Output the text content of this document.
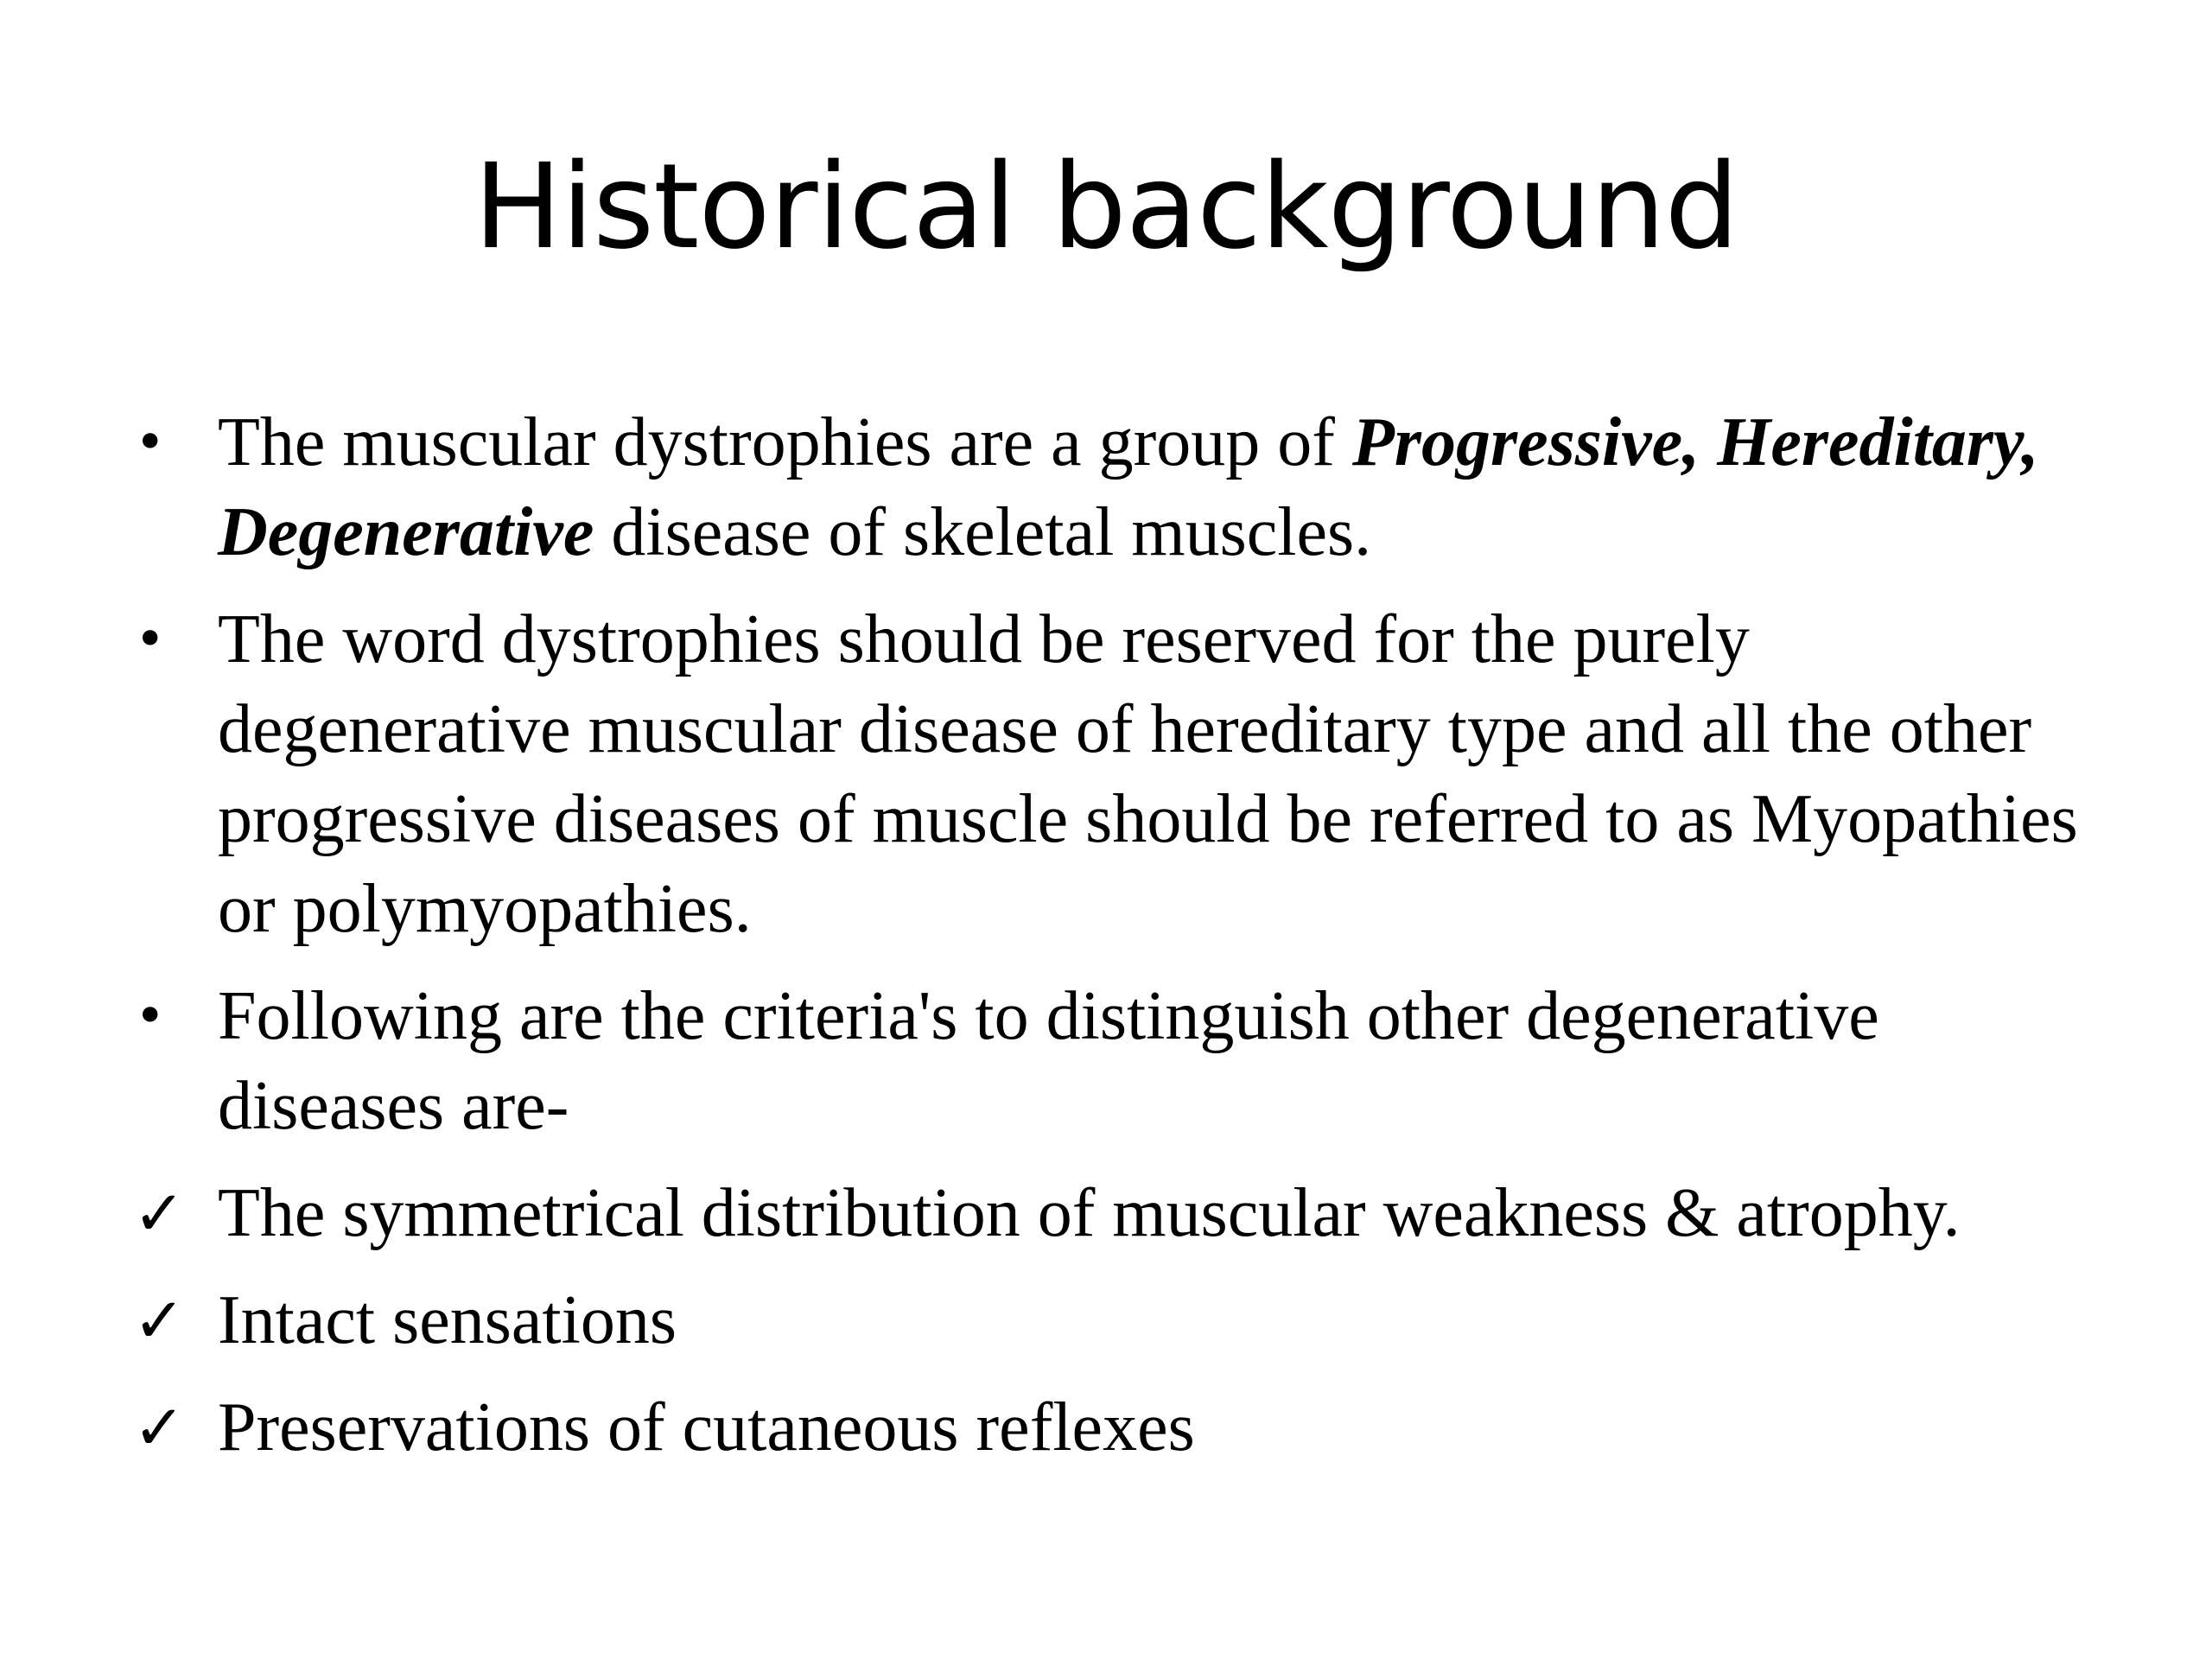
Historical background
• The muscular dystrophies are a group of Progressive, Hereditary, Degenerative disease of skeletal muscles.
• The word dystrophies should be reserved for the purely degenerative muscular disease of hereditary type and all the other progressive diseases of muscle should be referred to as Myopathies or polymyopathies.
• Following are the criteria's to distinguish other degenerative diseases are-
✓ The symmetrical distribution of muscular weakness & atrophy.
✓ Intact sensations
✓ Preservations of cutaneous reflexes
